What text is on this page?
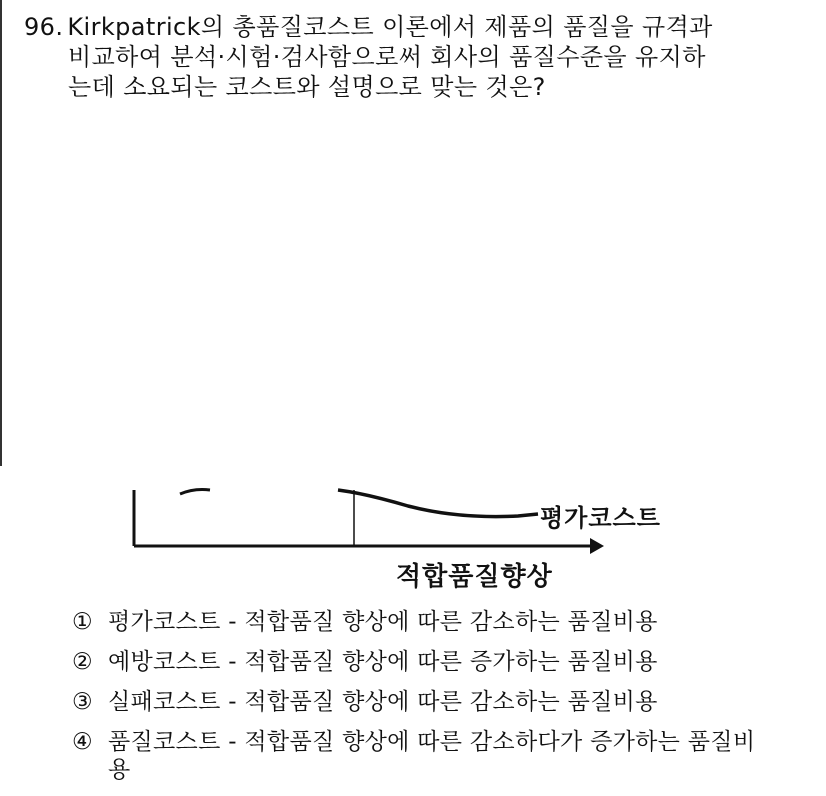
96. Kirkpatrick의 총품질코스트 이론에서 제품의 품질을 규격과
비교하여 분석·시험·검사함으로써 회사의 품질수준을 유지하
는데 소요되는 코스트와 설명으로 맞는 것은?
평가코스트
적합품질향상
① 평가코스트 - 적합품질 향상에 따른 감소하는 품질비용
② 예방코스트 - 적합품질 향상에 따른 증가하는 품질비용
③ 실패코스트 - 적합품질 향상에 따른 감소하는 품질비용
④ 품질코스트 - 적합품질 향상에 따른 감소하다가 증가하는 품질비용
